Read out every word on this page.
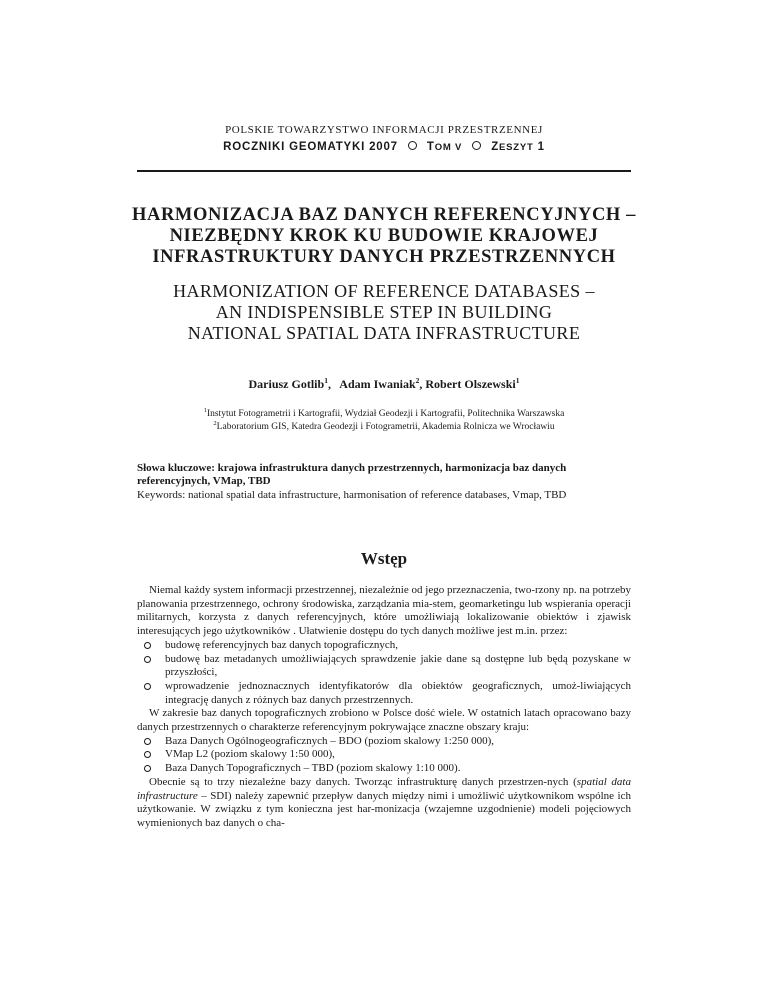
POLSKIE TOWARZYSTWO INFORMACJI PRZESTRZENNEJ
ROCZNIKI GEOMATYKI 2007	TOM V	ZESZYT 1
HARMONIZACJA BAZ DANYCH REFERENCYJNYCH –
NIEZBĘDNY KROK KU BUDOWIE KRAJOWEJ
INFRASTRUKTURY DANYCH PRZESTRZENNYCH
HARMONIZATION OF REFERENCE DATABASES –
AN INDISPENSIBLE STEP IN BUILDING
NATIONAL SPATIAL DATA INFRASTRUCTURE
Dariusz Gotlib$^1$,   Adam Iwaniak$^2$, Robert Olszewski$^1$
$^1$Instytut Fotogrametrii i Kartografii, Wydział Geodezji i Kartografii, Politechnika Warszawska
$^2$Laboratorium GIS, Katedra Geodezji i Fotogrametrii, Akademia Rolnicza we Wrocławiu
Słowa kluczowe: krajowa infrastruktura danych przestrzennych, harmonizacja baz danych referencyjnych, VMap, TBD
Keywords: national spatial data infrastructure, harmonisation of reference databases, Vmap, TBD
Wstęp

Niemal każdy system informacji przestrzennej, niezależnie od jego przeznaczenia, two-rzony np. na potrzeby planowania przestrzennego, ochrony środowiska, zarządzania mia-stem, geomarketingu lub wspierania operacji militarnych, korzysta z danych referencyjnych, które umożliwiają lokalizowanie obiektów i zjawisk interesujących jego użytkowników . Ułatwienie dostępu do tych danych możliwe jest m.in. przez:

budowę referencyjnych baz danych topograficznych,

budowę baz metadanych umożliwiających sprawdzenie jakie dane są dostępne lub będą pozyskane w przyszłości,

wprowadzenie jednoznacznych identyfikatorów dla obiektów geograficznych, umoż-liwiających integrację danych z różnych baz danych przestrzennych.

W zakresie baz danych topograficznych zrobiono w Polsce dość wiele. W ostatnich latach opracowano bazy danych przestrzennych o charakterze referencyjnym pokrywające znaczne obszary kraju:

Baza Danych Ogólnogeograficznych – BDO (poziom skalowy 1:250 000),

VMap L2 (poziom skalowy 1:50 000),

Baza Danych Topograficznych – TBD (poziom skalowy 1:10 000).

Obecnie są to trzy niezależne bazy danych. Tworząc infrastrukturę danych przestrzen-nych (spatial data infrastructure – SDI) należy zapewnić przepływ danych między nimi i umożliwić użytkownikom wspólne ich użytkowanie. W związku z tym konieczna jest har-monizacja (wzajemne uzgodnienie) modeli pojęciowych wymienionych baz danych o cha-
